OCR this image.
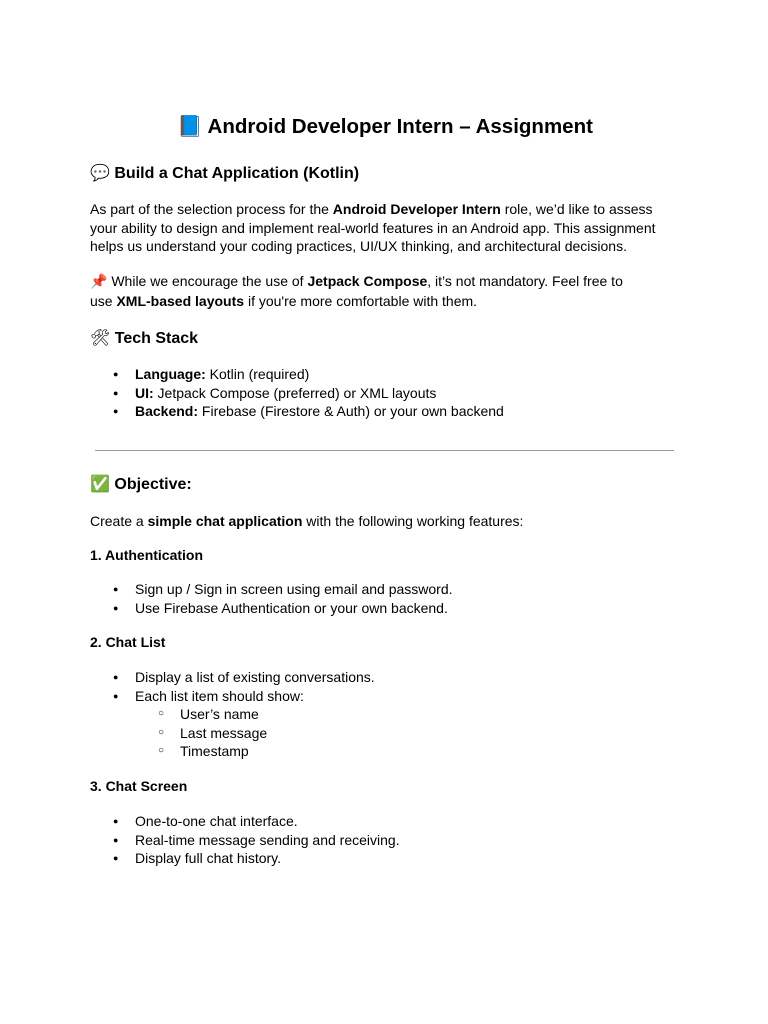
📘 Android Developer Intern – Assignment
💬 Build a Chat Application (Kotlin)

As part of the selection process for the Android Developer Intern role, we’d like to assess your ability to design and implement real-world features in an Android app. This assignment helps us understand your coding practices, UI/UX thinking, and architectural decisions.

📌 While we encourage the use of Jetpack Compose, it’s not mandatory. Feel free to use XML-based layouts if you're more comfortable with them.

🛠 Tech Stack
● Language: Kotlin (required)
● UI: Jetpack Compose (preferred) or XML layouts
● Backend: Firebase (Firestore & Auth) or your own backend
✅ Objective:

Create a simple chat application with the following working features:

1. Authentication
● Sign up / Sign in screen using email and password.
● Use Firebase Authentication or your own backend.
2. Chat List
● Display a list of existing conversations.
● Each list item should show:
○ User’s name
○ Last message
○ Timestamp
3. Chat Screen
● One-to-one chat interface.
● Real-time message sending and receiving.
● Display full chat history.
